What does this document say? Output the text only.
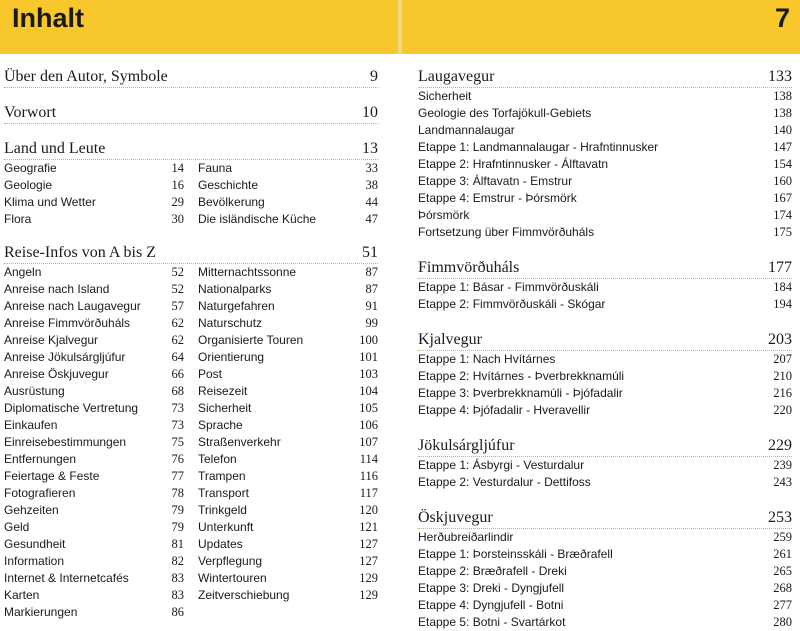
Inhalt	7
Über den Autor, Symbole	9
Vorwort	10
Land und Leute	13
Geografie	14
Geologie	16
Klima und Wetter	29
Flora	30
Fauna	33
Geschichte	38
Bevölkerung	44
Die isländische Küche	47
Reise-Infos von A bis Z	51
Angeln	52
Anreise nach Island	52
Anreise nach Laugavegur 57
Anreise Fimmvörðuháls	62
Anreise Kjalvegur	62
Anreise Jökulsárgljúfur	64
Anreise Öskjuvegur	66
Ausrüstung	68
Diplomatische Vertretung	73
Einkaufen	73
Einreisebestimmungen	75
Entfernungen	76
Feiertage & Feste	77
Fotografieren	78
Gehzeiten	79
Geld	79
Gesundheit	81
Information	82
Internet & Internetcafés	83
Karten	83
Markierungen	86
Mitternachtssonne	87
Nationalparks	87
Naturgefahren	91
Naturschutz	99
Organisierte Touren	100
Orientierung	101
Post	103
Reisezeit	104
Sicherheit	105
Sprache	106
Straßenverkehr	107
Telefon	114
Trampen	116
Transport	117
Trinkgeld	120
Unterkunft	121
Updates	127
Verpflegung	127
Wintertouren	129
Zeitverschiebung	129
Laugavegur	133
Sicherheit	138
Geologie des Torfajökull-Gebiets	138
Landmannalaugar	140
Etappe 1: Landmannalaugar - Hrafntinnusker	147
Etappe 2: Hrafntinnusker - Álftavatn	154
Etappe 3: Álftavatn - Emstrur	160
Etappe 4: Emstrur - Þórsmörk	167
Þórsmörk	174
Fortsetzung über Fimmvörðuháls	175
Fimmvörðuháls	177
Etappe 1: Básar - Fimmvörðuskáli	184
Etappe 2: Fimmvörðuskáli - Skógar	194
Kjalvegur	203
Etappe 1: Nach Hvítárnes	207
Etappe 2: Hvítárnes - Þverbrekknamúli	210
Etappe 3: Þverbrekknamúli - Þjófadalir	216
Etappe 4: Þjófadalir - Hveravellir	220
Jökulsárgljúfur	229
Etappe 1: Ásbyrgi - Vesturdalur	239
Etappe 2: Vesturdalur - Dettifoss	243
Öskjuvegur	253
Herðubreiðarlindir	259
Etappe 1: Þorsteinsskáli - Bræðrafell	261
Etappe 2: Bræðrafell - Dreki	265
Etappe 3: Dreki - Dyngjufell	268
Etappe 4: Dyngjufell - Botni	277
Etappe 5: Botni - Svartárkot	280
